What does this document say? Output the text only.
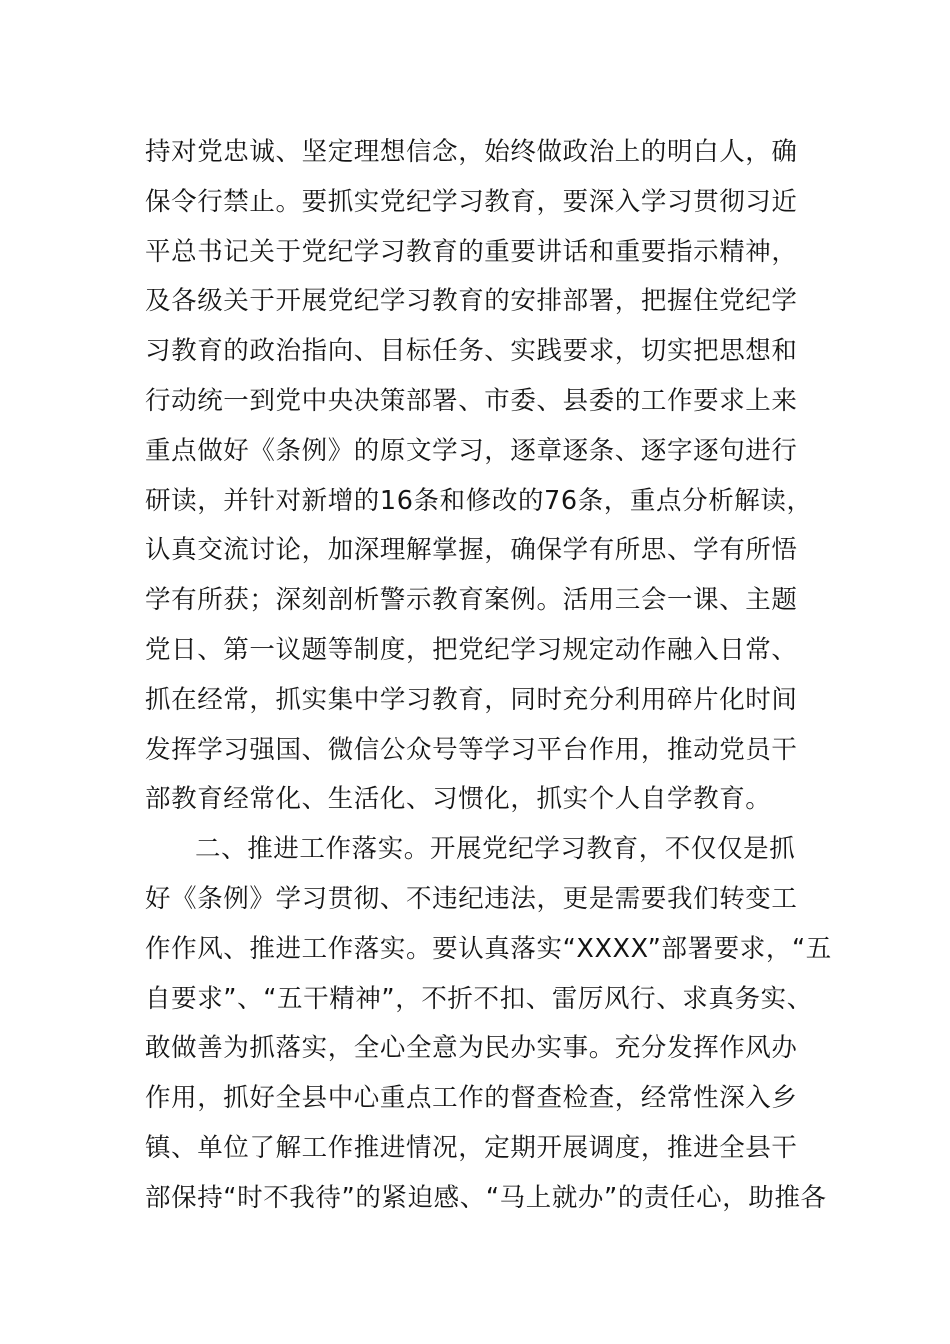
持对党忠诚、坚定理想信念，始终做政治上的明白人，确
保令行禁止。要抓实党纪学习教育，要深入学习贯彻习近
平总书记关于党纪学习教育的重要讲话和重要指示精神，
及各级关于开展党纪学习教育的安排部署，把握住党纪学
习教育的政治指向、目标任务、实践要求，切实把思想和
行动统一到党中央决策部署、市委、县委的工作要求上来
重点做好《条例》的原文学习，逐章逐条、逐字逐句进行
研读，并针对新增的16条和修改的76条，重点分析解读，
认真交流讨论，加深理解掌握，确保学有所思、学有所悟
学有所获；深刻剖析警示教育案例。活用三会一课、主题
党日、第一议题等制度，把党纪学习规定动作融入日常、
抓在经常，抓实集中学习教育，同时充分利用碎片化时间
发挥学习强国、微信公众号等学习平台作用，推动党员干
部教育经常化、生活化、习惯化，抓实个人自学教育。
二、推进工作落实。开展党纪学习教育，不仅仅是抓
好《条例》学习贯彻、不违纪违法，更是需要我们转变工
作作风、推进工作落实。要认真落实“XXXX”部署要求，“五
自要求”、“五干精神”，不折不扣、雷厉风行、求真务实、
敢做善为抓落实，全心全意为民办实事。充分发挥作风办
作用，抓好全县中心重点工作的督查检查，经常性深入乡
镇、单位了解工作推进情况，定期开展调度，推进全县干
部保持“时不我待”的紧迫感、“马上就办”的责任心，助推各
